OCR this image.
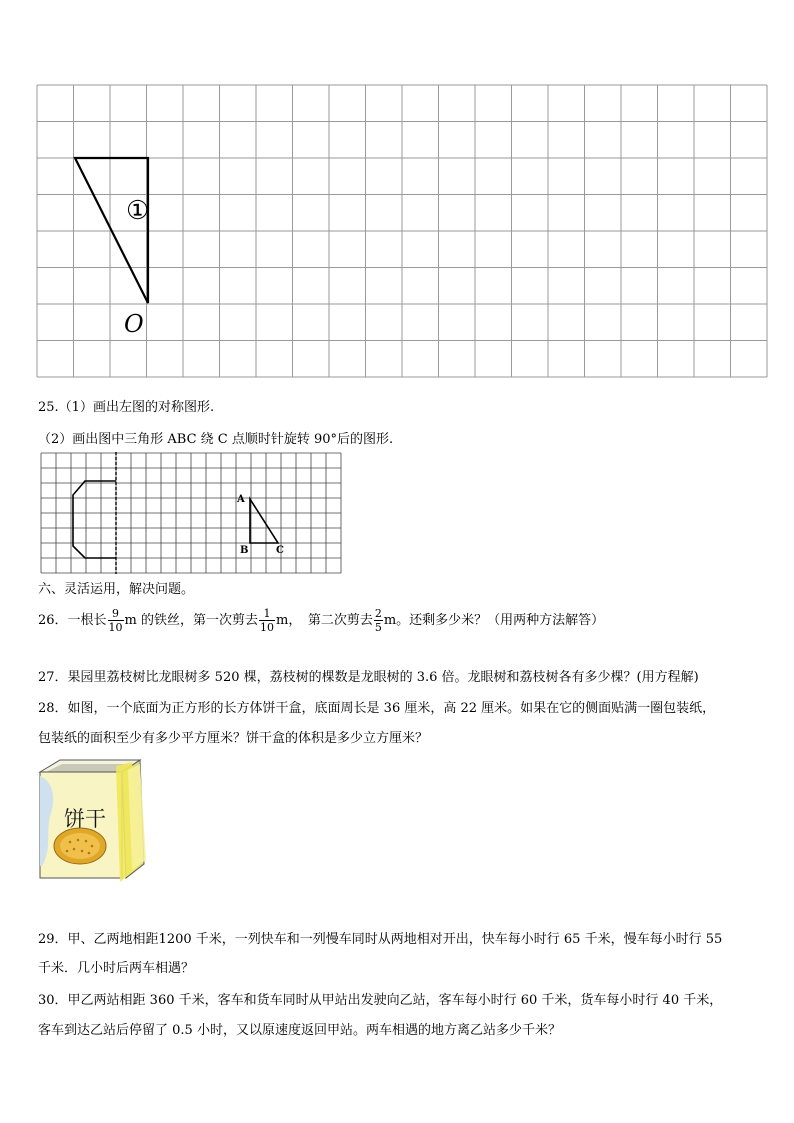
①
O
25.（1）画出左图的对称图形.
（2）画出图中三角形 ABC 绕 C 点顺时针旋转 90°后的图形.
A
B	C
六、灵活运用，解决问题。
26．一根长 $\frac{9}{10}$ m 的铁丝，第一次剪去 $\frac{1}{10}$ m，　第二次剪去 $\frac{2}{5}$ m。还剩多少米？（用两种方法解答）
27．果园里荔枝树比龙眼树多 520 棵，荔枝树的棵数是龙眼树的 3.6 倍。龙眼树和荔枝树各有多少棵？(用方程解)
28．如图，一个底面为正方形的长方体饼干盒，底面周长是 36 厘米，高 22 厘米。如果在它的侧面贴满一圈包装纸，
包装纸的面积至少有多少平方厘米？饼干盒的体积是多少立方厘米？
饼干
29．甲、乙两地相距1200 千米，一列快车和一列慢车同时从两地相对开出，快车每小时行 65 千米，慢车每小时行 55
千米．几小时后两车相遇？
30．甲乙两站相距 360 千米，客车和货车同时从甲站出发驶向乙站，客车每小时行 60 千米，货车每小时行 40 千米，
客车到达乙站后停留了 0.5 小时，又以原速度返回甲站。两车相遇的地方离乙站多少千米？
